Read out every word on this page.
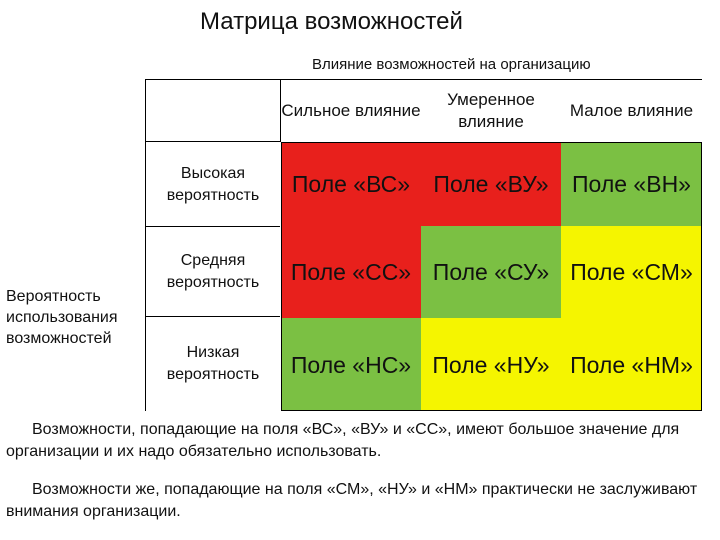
Матрица возможностей
Влияние возможностей на организацию
Сильное влияние
Умеренное влияние
Малое влияние
Высокая вероятность
Средняя вероятность
Низкая вероятность
Вероятность использования возможностей
Поле «ВС»	Поле «ВУ»	Поле «ВН»
Поле «СС» Поле «СУ» Поле «СМ»
Поле «НС» Поле «НУ» Поле «НМ»
Возможности, попадающие на поля «ВС», «ВУ» и «СС», имеют большое значение для организации и их надо обязательно использовать.
Возможности же, попадающие на поля «СМ», «НУ» и «НМ» практически не заслуживают внимания организации.
